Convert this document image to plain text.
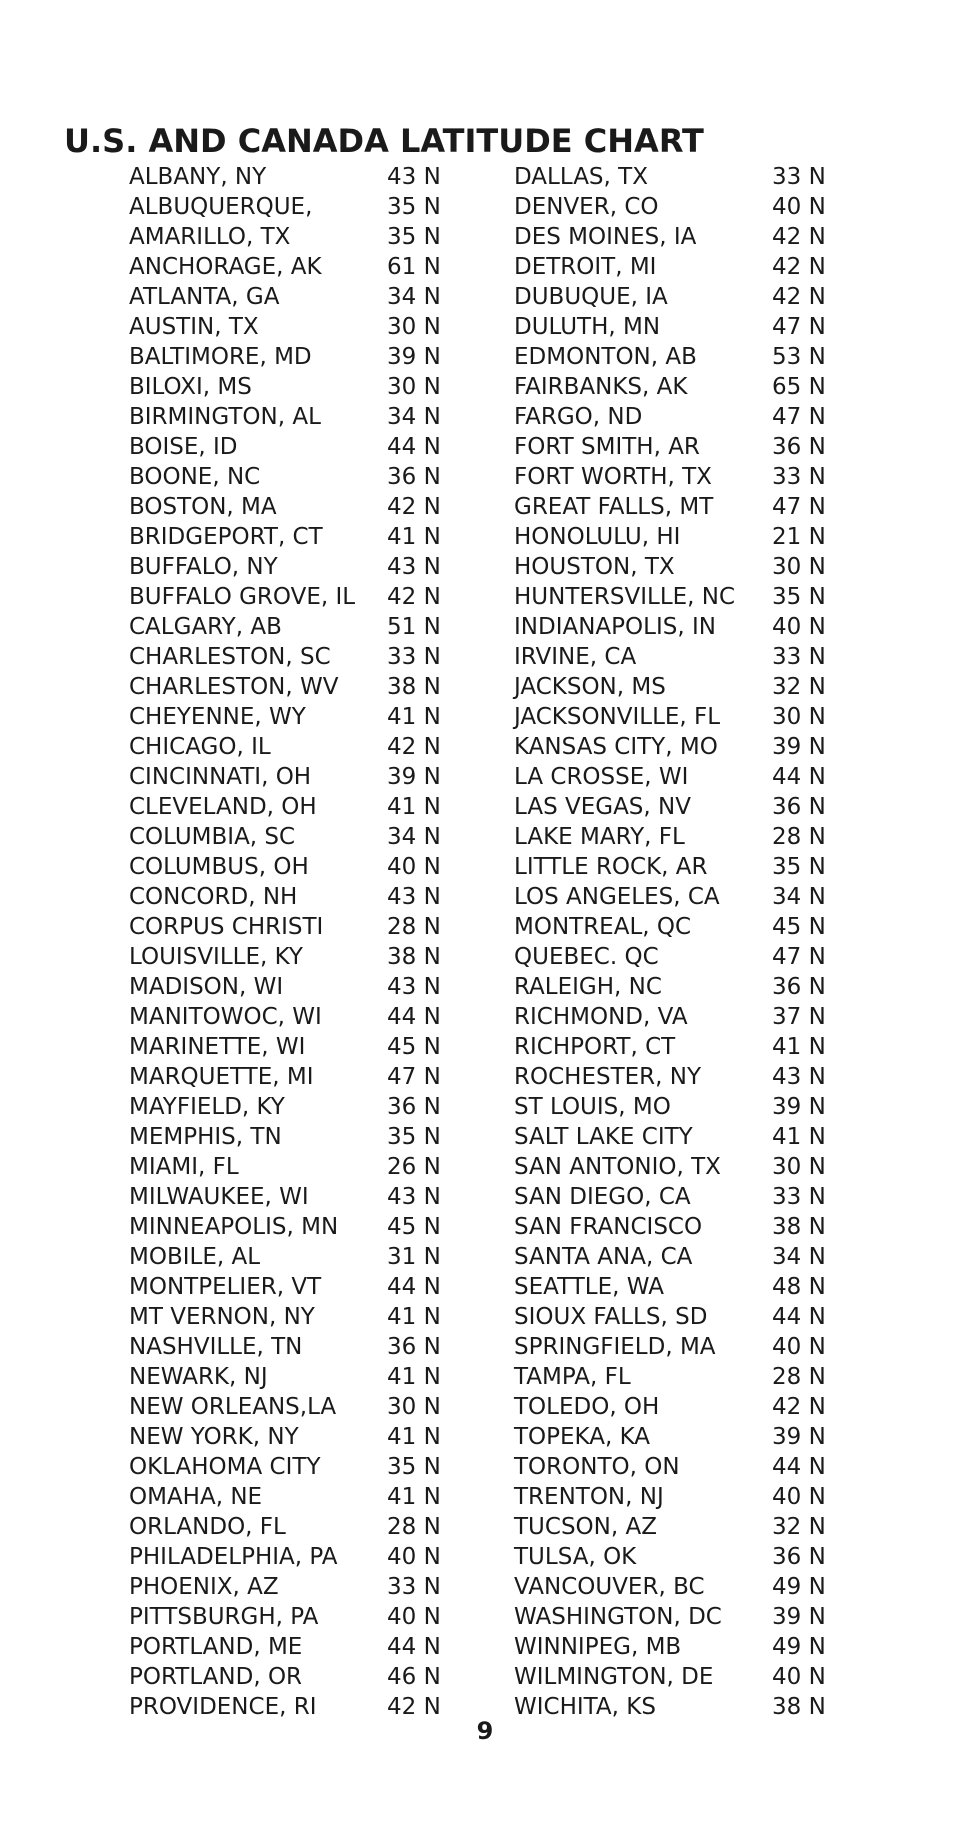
U.S. AND CANADA LATITUDE CHART
ALBANY, NY	43 N
ALBUQUERQUE,	35 N
AMARILLO, TX	35 N
ANCHORAGE, AK	61 N
ATLANTA, GA	34 N
AUSTIN, TX	30 N
BALTIMORE, MD	39 N
BILOXI, MS	30 N
BIRMINGTON, AL	34 N
BOISE, ID	44 N
BOONE, NC	36 N
BOSTON, MA	42 N
BRIDGEPORT, CT	41 N
BUFFALO, NY	43 N
BUFFALO GROVE, IL 42 N
CALGARY, AB	51 N
CHARLESTON, SC 33 N
CHARLESTON, WV 38 N
CHEYENNE, WY	41 N
CHICAGO, IL	42 N
CINCINNATI, OH	39 N
CLEVELAND, OH	41 N
COLUMBIA, SC	34 N
COLUMBUS, OH	40 N
CONCORD, NH	43 N
CORPUS CHRISTI	28 N
LOUISVILLE, KY	38 N
MADISON, WI	43 N
MANITOWOC, WI	44 N
MARINETTE, WI	45 N
MARQUETTE, MI	47 N
MAYFIELD, KY	36 N
MEMPHIS, TN	35 N
MIAMI, FL	26 N
MILWAUKEE, WI	43 N
MINNEAPOLIS, MN 45 N
MOBILE, AL	31 N
MONTPELIER, VT	44 N
MT VERNON, NY	41 N
NASHVILLE, TN	36 N
NEWARK, NJ	41 N
NEW ORLEANS,LA 30 N
NEW YORK, NY	41 N
OKLAHOMA CITY	35 N
OMAHA, NE	41 N
ORLANDO, FL	28 N
PHILADELPHIA, PA 40 N
PHOENIX, AZ	33 N
PITTSBURGH, PA	40 N
PORTLAND, ME	44 N
PORTLAND, OR	46 N
PROVIDENCE, RI	42 N
DALLAS, TX	33 N
DENVER, CO	40 N
DES MOINES, IA	42 N
DETROIT, MI	42 N
DUBUQUE, IA	42 N
DULUTH, MN	47 N
EDMONTON, AB	53 N
FAIRBANKS, AK	65 N
FARGO, ND	47 N
FORT SMITH, AR	36 N
FORT WORTH, TX	33 N
GREAT FALLS, MT	47 N
HONOLULU, HI	21 N
HOUSTON, TX	30 N
HUNTERSVILLE, NC 35 N
INDIANAPOLIS, IN 40 N
IRVINE, CA	33 N
JACKSON, MS	32 N
JACKSONVILLE, FL 30 N
KANSAS CITY, MO 39 N
LA CROSSE, WI	44 N
LAS VEGAS, NV	36 N
LAKE MARY, FL	28 N
LITTLE ROCK, AR	35 N
LOS ANGELES, CA 34 N
MONTREAL, QC	45 N
QUEBEC. QC	47 N
RALEIGH, NC	36 N
RICHMOND, VA	37 N
RICHPORT, CT	41 N
ROCHESTER, NY	43 N
ST LOUIS, MO	39 N
SALT LAKE CITY	41 N
SAN ANTONIO, TX 30 N
SAN DIEGO, CA	33 N
SAN FRANCISCO	38 N
SANTA ANA, CA	34 N
SEATTLE, WA	48 N
SIOUX FALLS, SD	44 N
SPRINGFIELD, MA 40 N
TAMPA, FL	28 N
TOLEDO, OH	42 N
TOPEKA, KA	39 N
TORONTO, ON	44 N
TRENTON, NJ	40 N
TUCSON, AZ	32 N
TULSA, OK	36 N
VANCOUVER, BC	49 N
WASHINGTON, DC 39 N
WINNIPEG, MB	49 N
WILMINGTON, DE	40 N
WICHITA, KS	38 N
9
